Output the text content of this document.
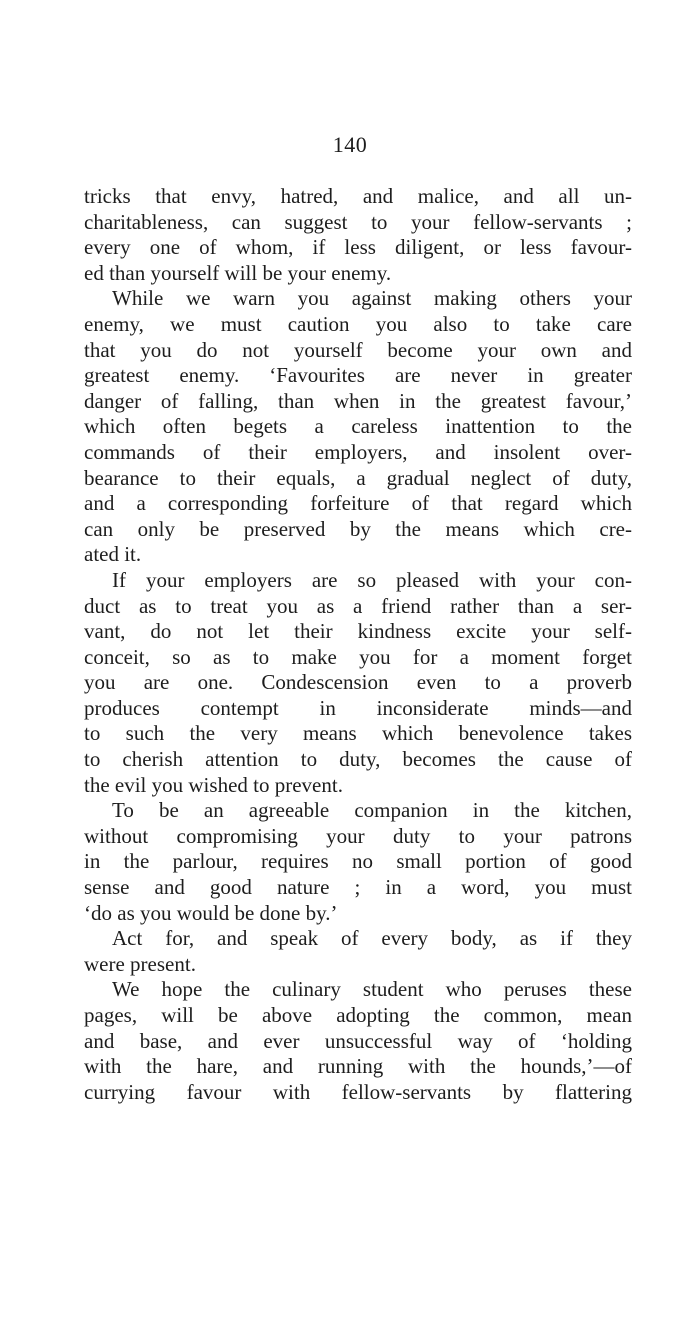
140
tricks that envy, hatred, and malice, and all un-
charitableness, can suggest to your fellow-servants ;
every one of whom, if less diligent, or less favour-
ed than yourself will be your enemy.
While we warn you against making others your
enemy, we must caution you also to take care
that you do not yourself become your own and
greatest enemy. ‘Favourites are never in greater
danger of falling, than when in the greatest favour,’
which often begets a careless inattention to the
commands of their employers, and insolent over-
bearance to their equals, a gradual neglect of duty,
and a corresponding forfeiture of that regard which
can only be preserved by the means which cre-
ated it.
If your employers are so pleased with your con-
duct as to treat you as a friend rather than a ser-
vant, do not let their kindness excite your self-
conceit, so as to make you for a moment forget
you are one. Condescension even to a proverb
produces contempt in inconsiderate minds—and
to such the very means which benevolence takes
to cherish attention to duty, becomes the cause of
the evil you wished to prevent.
To be an agreeable companion in the kitchen,
without compromising your duty to your patrons
in the parlour, requires no small portion of good
sense and good nature ; in a word, you must
‘do as you would be done by.’
Act for, and speak of every body, as if they
were present.
We hope the culinary student who peruses these
pages, will be above adopting the common, mean
and base, and ever unsuccessful way of ‘holding
with the hare, and running with the hounds,’—of
currying favour with fellow-servants by flattering
